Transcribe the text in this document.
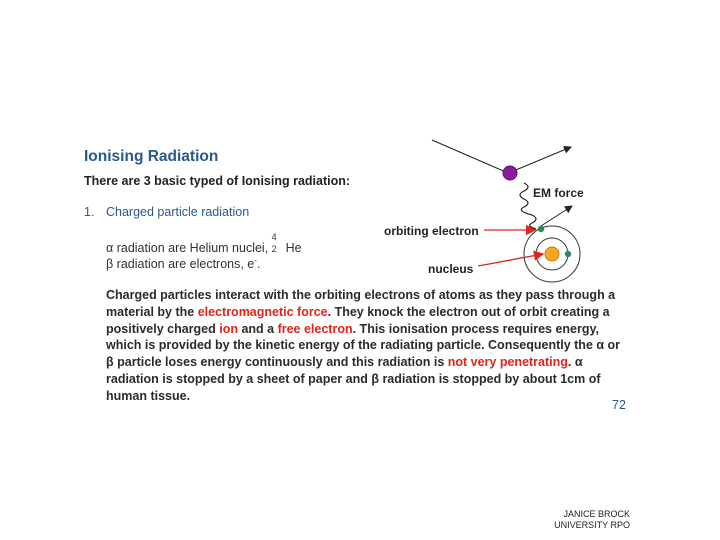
Ionising Radiation
There are 3 basic typed of Ionising radiation:
1. Charged particle radiation
α radiation are Helium nuclei,
4
2 He
β radiation are electrons, e-.
Charged particles interact with the orbiting electrons of atoms as they pass through a material by the electromagnetic force. They knock the electron out of orbit creating a positively charged ion and a free electron. This ionisation process requires energy, which is provided by the kinetic energy of the radiating particle. Consequently the α or β particle loses energy continuously and this radiation is not very penetrating. α radiation is stopped by a sheet of paper and β radiation is stopped by about 1cm of human tissue.
72
EM force
orbiting electron
nucleus
JANICE BROCK
UNIVERSITY RPO
